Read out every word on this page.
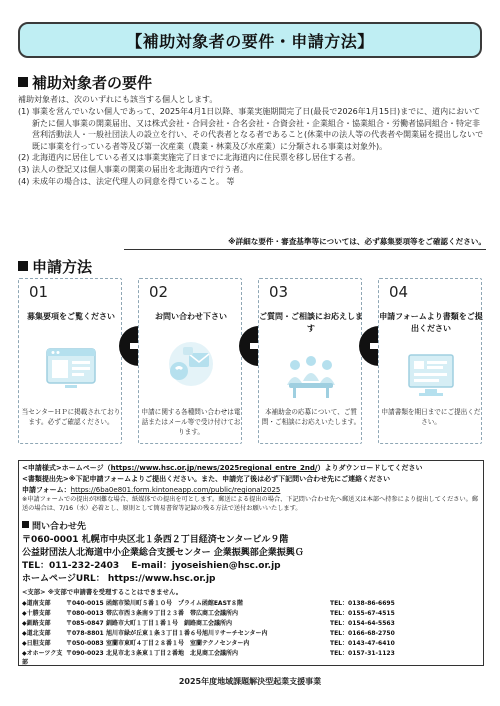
【補助対象者の要件・申請方法】
補助対象者の要件
補助対象者は、次のいずれにも該当する個人とします。
(1) 事業を営んでいない個人であって、2025年4月1日以降、事業実施期間完了日(最長で2026年1月15日)までに、道内において新たに個人事業の開業届出、又は株式会社・合同会社・合名会社・合資会社・企業組合・協業組合・労働者協同組合・特定非営利活動法人・一般社団法人の設立を行い、その代表者となる者であること(休業中の法人等の代表者や開業届を提出しないで既に事業を行っている者等及び第一次産業（農業・林業及び水産業）に分類される事業は対象外)。
(2) 北海道内に居住している者又は事業実施完了日までに北海道内に住民票を移し居住する者。
(3) 法人の登記又は個人事業の開業の届出を北海道内で行う者。
(4) 未成年の場合は、法定代理人の同意を得ていること。 等
※詳細な要件・審査基準等については、必ず募集要項等をご確認ください。
申請方法
01
募集要項をご覧ください
当センターＨＰに掲載されております。必ずご確認ください。
02
お問い合わせ下さい
申請に関する各種問い合わせは電話またはメール等で受け付けております。
03
ご質問・ご相談にお応えします
本補助金の応募について、ご質問・ご相談にお応えいたします。
04
申請フォームより書類をご提出ください
申請書類を期日までにご提出ください。
<申請様式>ホームページ（https://www.hsc.or.jp/news/2025regional_entre_2nd/）よりダウンロードしてください
<書類提出先>※下記申請フォームよりご提出ください。また、申請完了後は必ず下記問い合わせ先にご連絡ください
申請フォーム：https://6ba0e801.form.kintoneapp.com/public/regional2025
※申請フォームでの提出が困難な場合、紙媒体での提出を可とします。郵送による提出の場合、下記問い合わせ先へ郵送又は本部へ持参により提出してください。郵送の場合は、7/16（水）必着とし、原則として簡易書留等記録の残る方法で送付お願いいたします。
問い合わせ先
〒060-0001 札幌市中央区北１条西２丁目経済センタービル９階
公益財団法人北海道中小企業総合支援センター 企業振興部企業振興Ｇ
TEL：011-232-2403　 E-mail：jyoseishien@hsc.or.jp
ホームページURL： https://www.hsc.or.jp
<支部> ※支部で申請書を受理することはできません。
◆道南支部	〒040-0015 函館市梁川町５番１０号　プライム函館EAST８階	TEL：0138-86-6695
◆十勝支部	〒080-0013 帯広市西３条南９丁目２３番　帯広商工会議所内	TEL：0155-67-4515
◆釧路支部	〒085-0847 釧路市大町１丁目１番１号　釧路商工会議所内	TEL：0154-64-5563
◆道北支部	〒078-8801 旭川市緑が丘東１条３丁目１番６号旭川リサーチセンター内	TEL：0166-68-2750
◆日胆支部	〒050-0083 室蘭市東町４丁目２８番１号　室蘭テクノセンター内	TEL：0143-47-6410
◆オホーツク支部
〒090-0023 北見市北３条東１丁目２番地　北見商工会議所内	TEL：0157-31-1123
2025年度地域課題解決型起業支援事業
